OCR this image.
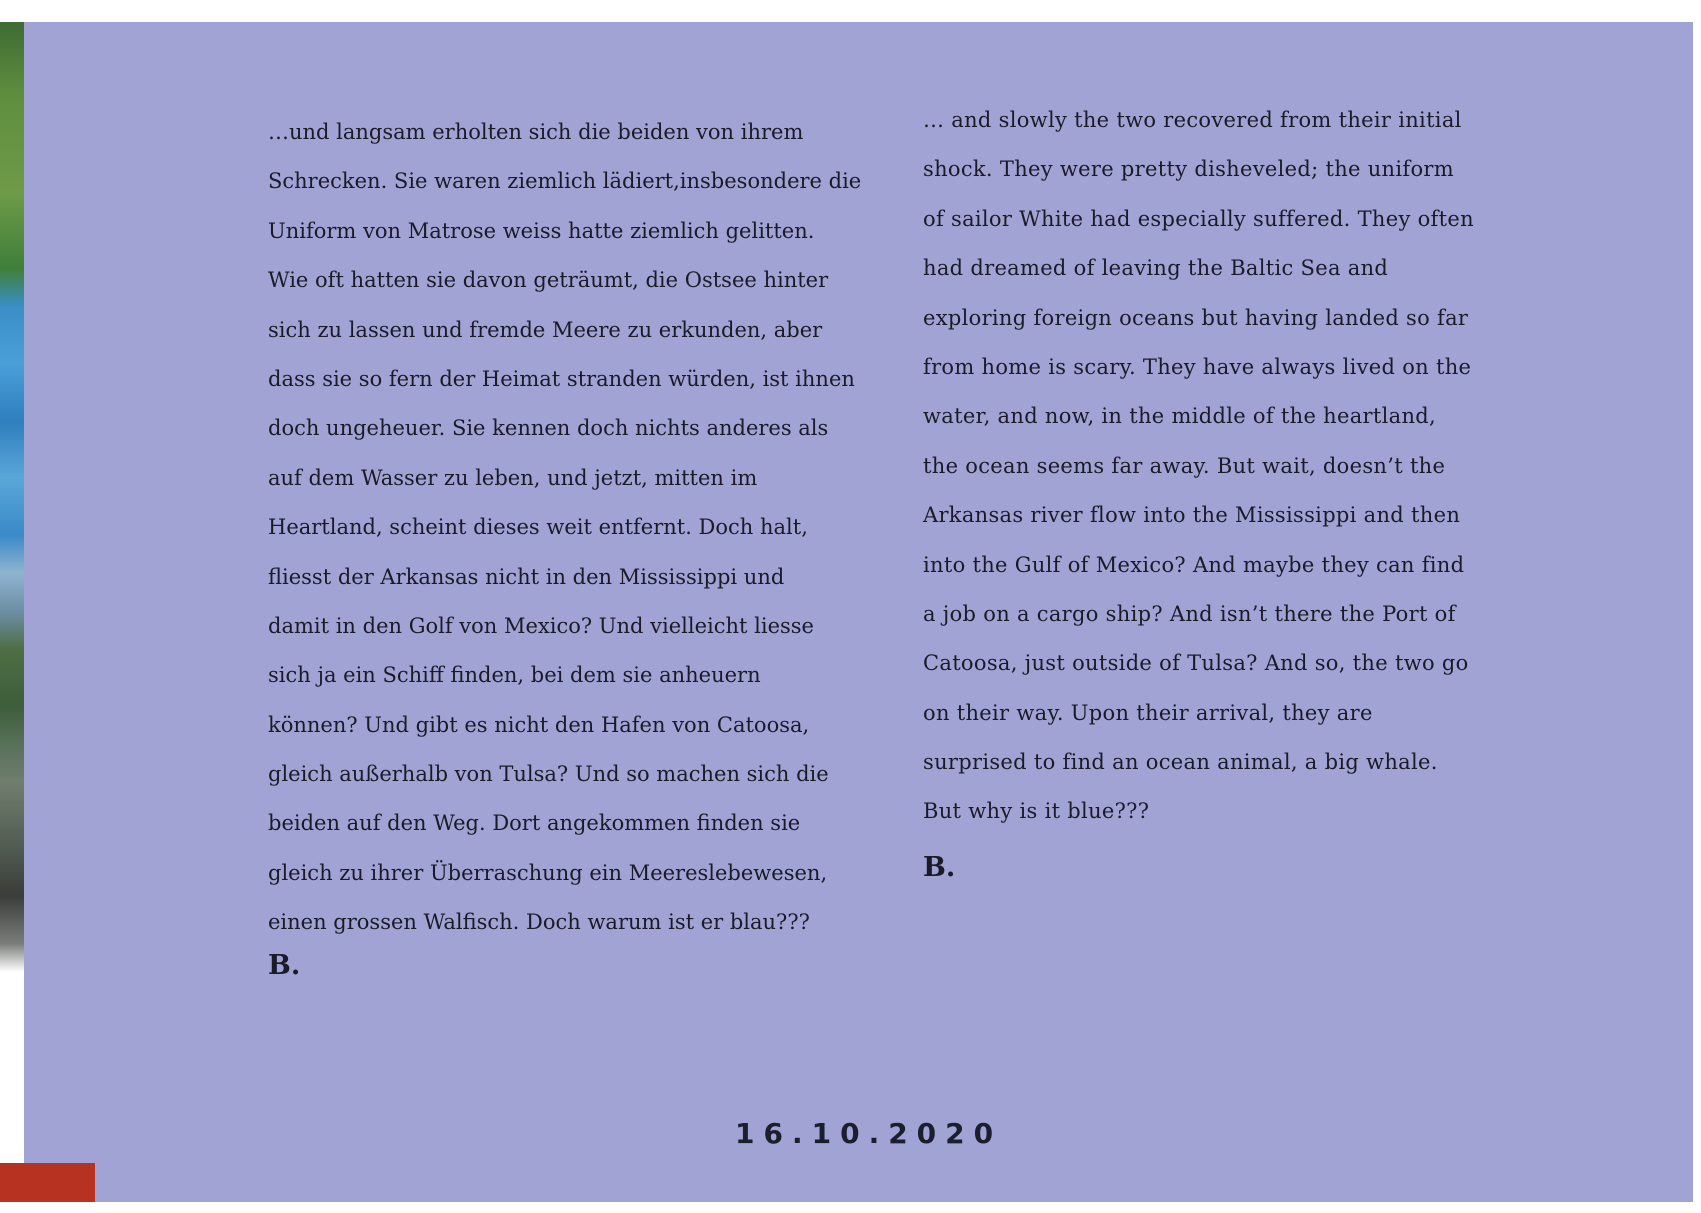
…und langsam erholten sich die beiden von ihrem
Schrecken. Sie waren ziemlich lädiert,insbesondere die
Uniform von Matrose weiss hatte ziemlich gelitten.
Wie oft hatten sie davon geträumt, die Ostsee hinter
sich zu lassen und fremde Meere zu erkunden, aber
dass sie so fern der Heimat stranden würden, ist ihnen
doch ungeheuer. Sie kennen doch nichts anderes als
auf dem Wasser zu leben, und jetzt, mitten im
Heartland, scheint dieses weit entfernt. Doch halt,
fliesst der Arkansas nicht in den Mississippi und
damit in den Golf von Mexico? Und vielleicht liesse
sich ja ein Schiff finden, bei dem sie anheuern
können? Und gibt es nicht den Hafen von Catoosa,
gleich außerhalb von Tulsa? Und so machen sich die
beiden auf den Weg. Dort angekommen finden sie
gleich zu ihrer Überraschung ein Meereslebewesen,
einen grossen Walfisch. Doch warum ist er blau???
B.
… and slowly the two recovered from their initial
shock. They were pretty disheveled; the uniform
of sailor White had especially suffered. They often
had dreamed of leaving the Baltic Sea and
exploring foreign oceans but having landed so far
from home is scary. They have always lived on the
water, and now, in the middle of the heartland,
the ocean seems far away. But wait, doesn’t the
Arkansas river flow into the Mississippi and then
into the Gulf of Mexico? And maybe they can find
a job on a cargo ship? And isn’t there the Port of
Catoosa, just outside of Tulsa? And so, the two go
on their way. Upon their arrival, they are
surprised to find an ocean animal, a big whale.
But why is it blue???
B.
16.10.2020
